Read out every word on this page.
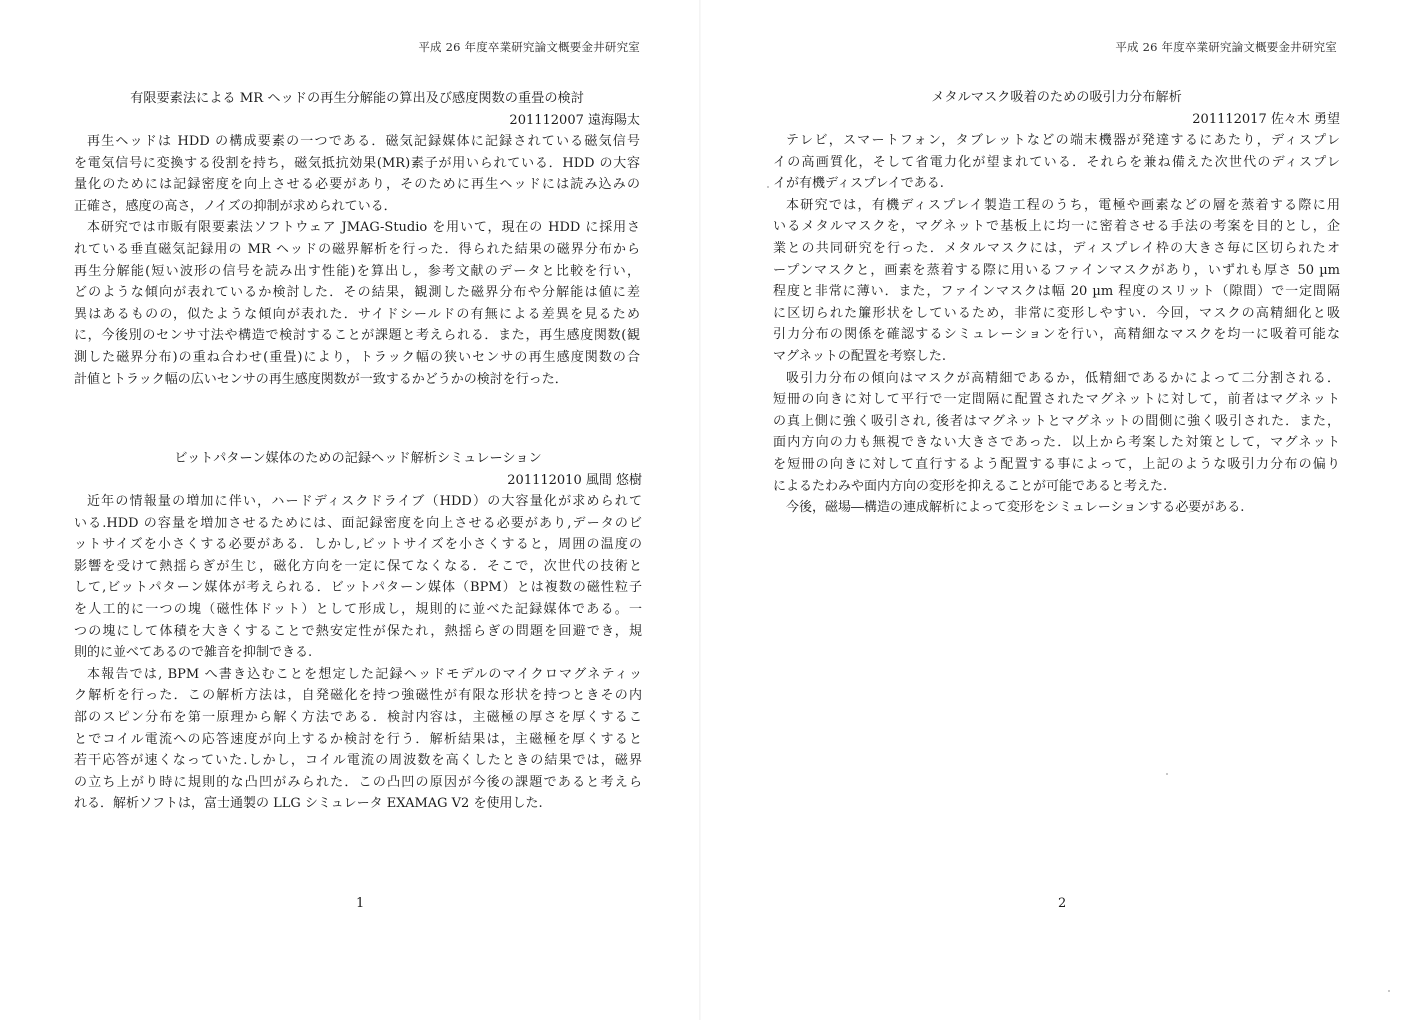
平成 26 年度卒業研究論文概要金井研究室
有限要素法による MR ヘッドの再生分解能の算出及び感度関数の重畳の検討
201112007 遠海陽太
再生ヘッドは HDD の構成要素の一つである．磁気記録媒体に記録されている磁気信号
を電気信号に変換する役割を持ち，磁気抵抗効果(MR)素子が用いられている．HDD の大容
量化のためには記録密度を向上させる必要があり，そのために再生ヘッドには読み込みの
正確さ，感度の高さ，ノイズの抑制が求められている．
本研究では市販有限要素法ソフトウェア JMAG-Studio を用いて，現在の HDD に採用さ
れている垂直磁気記録用の MR ヘッドの磁界解析を行った．得られた結果の磁界分布から
再生分解能(短い波形の信号を読み出す性能)を算出し，参考文献のデータと比較を行い，
どのような傾向が表れているか検討した．その結果，観測した磁界分布や分解能は値に差
異はあるものの，似たような傾向が表れた．サイドシールドの有無による差異を見るため
に，今後別のセンサ寸法や構造で検討することが課題と考えられる．また，再生感度関数(観
測した磁界分布)の重ね合わせ(重畳)により，トラック幅の狭いセンサの再生感度関数の合
計値とトラック幅の広いセンサの再生感度関数が一致するかどうかの検討を行った．
ビットパターン媒体のための記録ヘッド解析シミュレーション
201112010 風間 悠樹
近年の情報量の増加に伴い，ハードディスクドライブ（HDD）の大容量化が求められて
いる.HDD の容量を増加させるためには、面記録密度を向上させる必要があり,データのビ
ットサイズを小さくする必要がある．しかし,ビットサイズを小さくすると，周囲の温度の
影響を受けて熱揺らぎが生じ，磁化方向を一定に保てなくなる．そこで，次世代の技術と
して,ビットパターン媒体が考えられる．ビットパターン媒体（BPM）とは複数の磁性粒子
を人工的に一つの塊（磁性体ドット）として形成し，規則的に並べた記録媒体である。一
つの塊にして体積を大きくすることで熱安定性が保たれ，熱揺らぎの問題を回避でき，規
則的に並べてあるので雑音を抑制できる.
本報告では, BPM へ書き込むことを想定した記録ヘッドモデルのマイクロマグネティッ
ク解析を行った．この解析方法は，自発磁化を持つ強磁性が有限な形状を持つときその内
部のスピン分布を第一原理から解く方法である．検討内容は，主磁極の厚さを厚くするこ
とでコイル電流への応答速度が向上するか検討を行う．解析結果は，主磁極を厚くすると
若干応答が速くなっていた.しかし，コイル電流の周波数を高くしたときの結果では，磁界
の立ち上がり時に規則的な凸凹がみられた．この凸凹の原因が今後の課題であると考えら
れる．解析ソフトは，富士通製の LLG シミュレータ EXAMAG V2 を使用した.
1
平成 26 年度卒業研究論文概要金井研究室
メタルマスク吸着のための吸引力分布解析
201112017 佐々木 勇望
テレビ，スマートフォン，タブレットなどの端末機器が発達するにあたり，ディスプレ
イの高画質化，そして省電力化が望まれている．それらを兼ね備えた次世代のディスプレ
イが有機ディスプレイである.
本研究では，有機ディスプレイ製造工程のうち，電極や画素などの層を蒸着する際に用
いるメタルマスクを，マグネットで基板上に均一に密着させる手法の考案を目的とし，企
業との共同研究を行った．メタルマスクには，ディスプレイ枠の大きさ毎に区切られたオ
ープンマスクと，画素を蒸着する際に用いるファインマスクがあり，いずれも厚さ 50 µm
程度と非常に薄い．また，ファインマスクは幅 20 µm 程度のスリット（隙間）で一定間隔
に区切られた簾形状をしているため，非常に変形しやすい．今回，マスクの高精細化と吸
引力分布の関係を確認するシミュレーションを行い，高精細なマスクを均一に吸着可能な
マグネットの配置を考察した.
吸引力分布の傾向はマスクが高精細であるか，低精細であるかによって二分割される．
短冊の向きに対して平行で一定間隔に配置されたマグネットに対して，前者はマグネット
の真上側に強く吸引され, 後者はマグネットとマグネットの間側に強く吸引された．また，
面内方向の力も無視できない大きさであった．以上から考案した対策として，マグネット
を短冊の向きに対して直行するよう配置する事によって，上記のような吸引力分布の偏り
によるたわみや面内方向の変形を抑えることが可能であると考えた.
今後，磁場―構造の連成解析によって変形をシミュレーションする必要がある.
2
